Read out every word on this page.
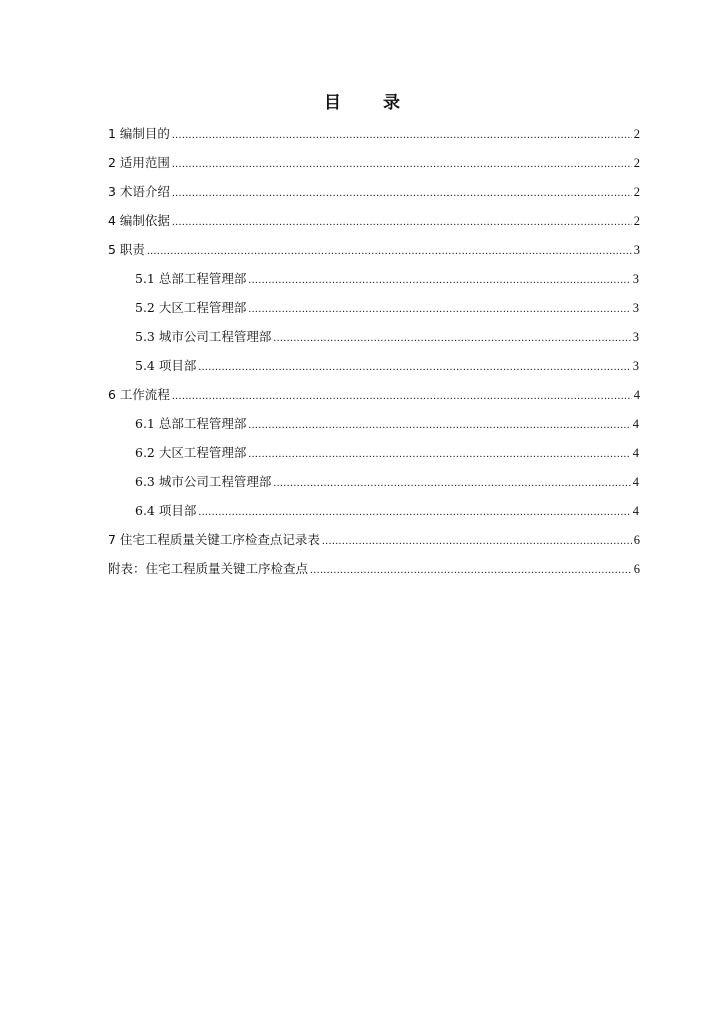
目 录
1 编制目的 .....	2
2 适用范围 .....	2
3 术语介绍 .....	2
4 编制依据 .....	2
5 职责 .....	3
5.1 总部工程管理部 .....	3
5.2 大区工程管理部 .....	3
5.3 城市公司工程管理部 .....	3
5.4 项目部 .....	3
6 工作流程 .....	4
6.1 总部工程管理部 .....	4
6.2 大区工程管理部 .....	4
6.3 城市公司工程管理部 .....	4
6.4 项目部 .....	4
7 住宅工程质量关键工序检查点记录表 .....	6
附表：住宅工程质量关键工序检查点 .....	6
